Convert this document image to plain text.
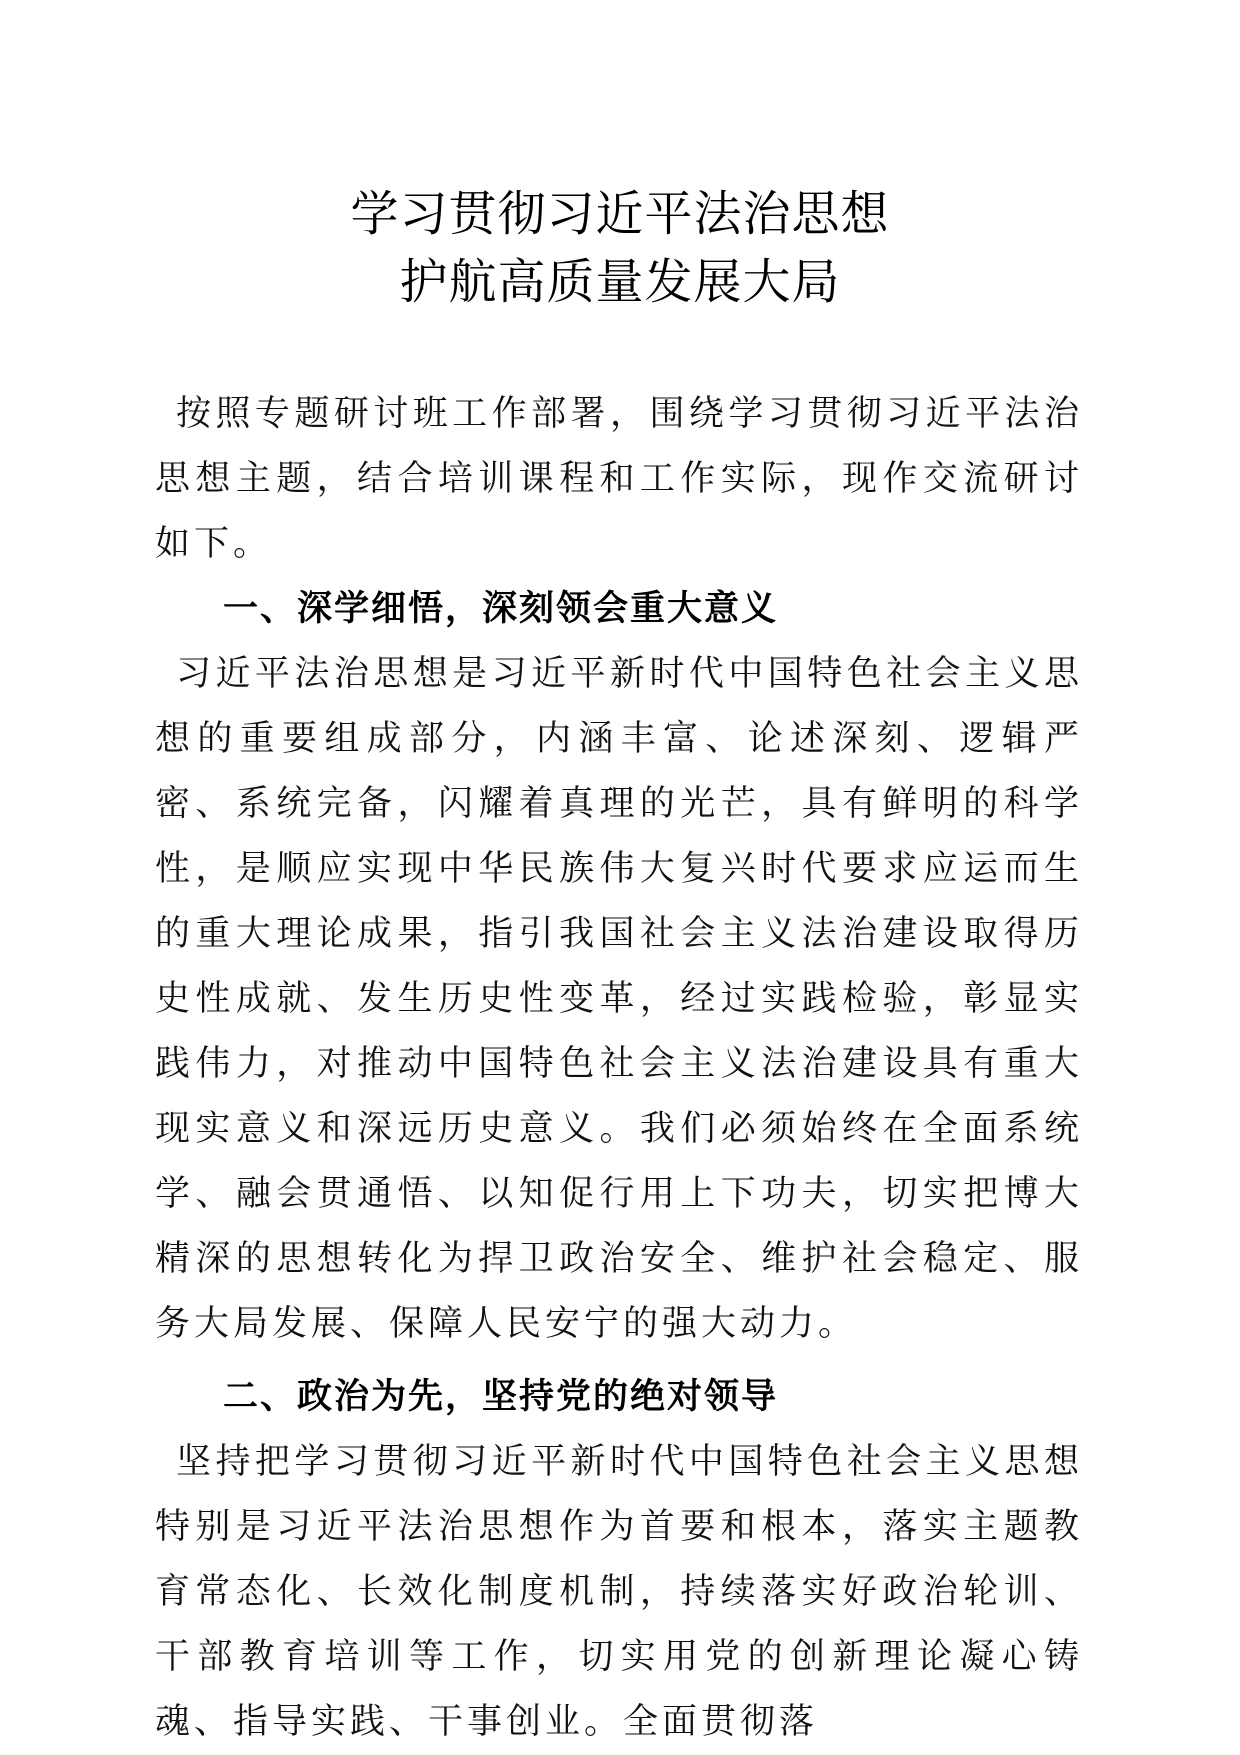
学习贯彻习近平法治思想
护航高质量发展大局

按照专题研讨班工作部署，围绕学习贯彻习近平法治思想主题，结合培训课程和工作实际，现作交流研讨如下。

一、深学细悟，深刻领会重大意义

习近平法治思想是习近平新时代中国特色社会主义思想的重要组成部分，内涵丰富、论述深刻、逻辑严密、系统完备，闪耀着真理的光芒，具有鲜明的科学性，是顺应实现中华民族伟大复兴时代要求应运而生的重大理论成果，指引我国社会主义法治建设取得历史性成就、发生历史性变革，经过实践检验，彰显实践伟力，对推动中国特色社会主义法治建设具有重大现实意义和深远历史意义。我们必须始终在全面系统学、融会贯通悟、以知促行用上下功夫，切实把博大精深的思想转化为捍卫政治安全、维护社会稳定、服务大局发展、保障人民安宁的强大动力。

二、政治为先，坚持党的绝对领导

坚持把学习贯彻习近平新时代中国特色社会主义思想特别是习近平法治思想作为首要和根本，落实主题教育常态化、长效化制度机制，持续落实好政治轮训、干部教育培训等工作，切实用党的创新理论凝心铸魂、指导实践、干事创业。全面贯彻落
